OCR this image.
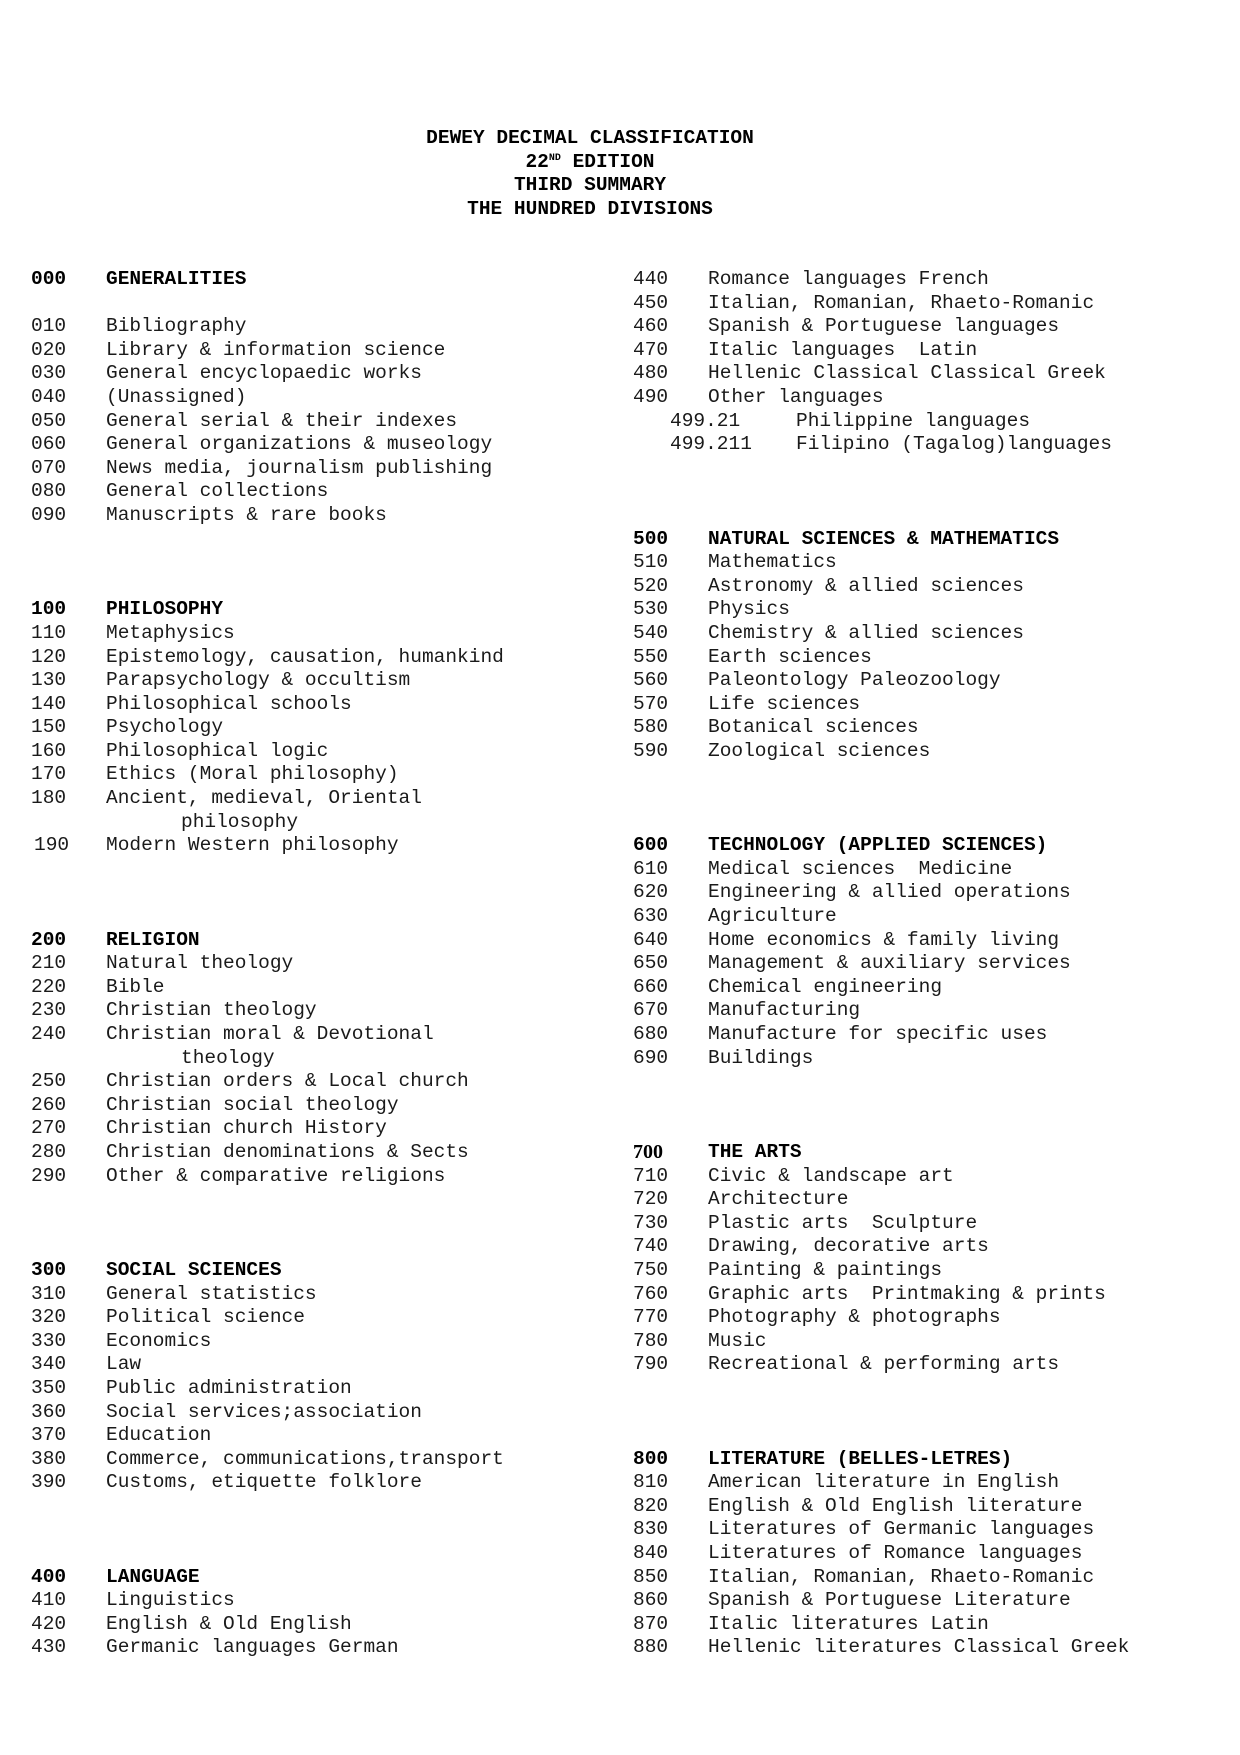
DEWEY DECIMAL CLASSIFICATION
22ND EDITION
THIRD SUMMARY
THE HUNDRED DIVISIONS
000 GENERALITIES
010 Bibliography
020 Library & information science
030 General encyclopaedic works
040 (Unassigned)
050 General serial & their indexes
060 General organizations & museology
070 News media, journalism publishing
080 General collections
090 Manuscripts & rare books
100 PHILOSOPHY
110 Metaphysics
120 Epistemology, causation, humankind
130 Parapsychology & occultism
140 Philosophical schools
150 Psychology
160 Philosophical logic
170 Ethics (Moral philosophy)
180 Ancient, medieval, Oriental
philosophy
190 Modern Western philosophy
200 RELIGION
210 Natural theology
220 Bible
230 Christian theology
240 Christian moral & Devotional
theology
250 Christian orders & Local church
260 Christian social theology
270 Christian church History
280 Christian denominations & Sects
290 Other & comparative religions
300 SOCIAL SCIENCES
310 General statistics
320 Political science
330 Economics
340 Law
350 Public administration
360 Social services;association
370 Education
380 Commerce, communications,transport
390 Customs, etiquette folklore
400 LANGUAGE
410 Linguistics
420 English & Old English
430 Germanic languages German
440 Romance languages French
450 Italian, Romanian, Rhaeto-Romanic
460 Spanish & Portuguese languages
470 Italic languages  Latin
480 Hellenic Classical Classical Greek
490 Other languages
499.21	Philippine languages
499.211 Filipino (Tagalog)languages
500 NATURAL SCIENCES & MATHEMATICS
510 Mathematics
520 Astronomy & allied sciences
530 Physics
540 Chemistry & allied sciences
550 Earth sciences
560 Paleontology Paleozoology
570 Life sciences
580 Botanical sciences
590 Zoological sciences
600 TECHNOLOGY (APPLIED SCIENCES)
610 Medical sciences  Medicine
620 Engineering & allied operations
630 Agriculture
640 Home economics & family living
650 Management & auxiliary services
660 Chemical engineering
670 Manufacturing
680 Manufacture for specific uses
690 Buildings
700 THE ARTS
710 Civic & landscape art
720 Architecture
730 Plastic arts  Sculpture
740 Drawing, decorative arts
750 Painting & paintings
760 Graphic arts  Printmaking & prints
770 Photography & photographs
780 Music
790 Recreational & performing arts
800 LITERATURE (BELLES-LETRES)
810 American literature in English
820 English & Old English literature
830 Literatures of Germanic languages
840 Literatures of Romance languages
850 Italian, Romanian, Rhaeto-Romanic
860 Spanish & Portuguese Literature
870 Italic literatures Latin
880 Hellenic literatures Classical Greek
